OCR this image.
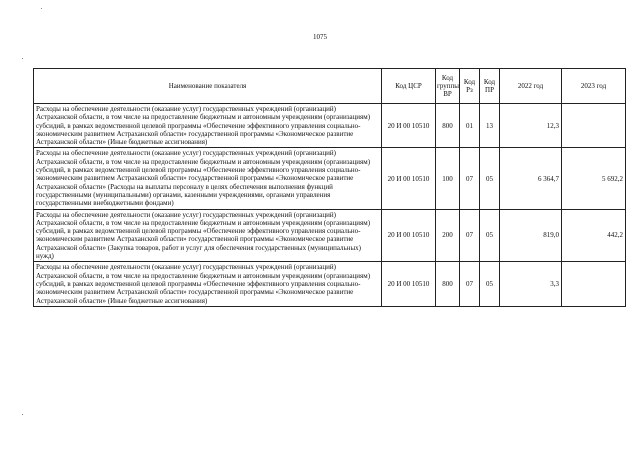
1075
Наименование показателя	Код ЦСР	Код группы ВР	Код Рз	Код ПР	2022 год	2023 год
Расходы на обеспечение деятельности (оказание услуг) государственных учреждений (организаций) Астраханской области, в том числе на предоставление бюджетным и автономным учреждениям (организациям) субсидий, в рамках ведомственной целевой программы «Обеспечение эффективного управления социально-экономическим развитием Астраханской области» государственной программы «Экономическое развитие Астраханской области» (Иные бюджетные ассигнования)	20 И 00 10510	800	01	13	12,3	
Расходы на обеспечение деятельности (оказание услуг) государственных учреждений (организаций) Астраханской области, в том числе на предоставление бюджетным и автономным учреждениям (организациям) субсидий, в рамках ведомственной целевой программы «Обеспечение эффективного управления социально-экономическим развитием Астраханской области» государственной программы «Экономическое развитие Астраханской области» (Расходы на выплаты персоналу в целях обеспечения выполнения функций государственными (муниципальными) органами, казенными учреждениями, органами управления государственными внебюджетными фондами)	20 И 00 10510	100	07	05	6 364,7	5 692,2
Расходы на обеспечение деятельности (оказание услуг) государственных учреждений (организаций) Астраханской области, в том числе на предоставление бюджетным и автономным учреждениям (организациям) субсидий, в рамках ведомственной целевой программы «Обеспечение эффективного управления социально-экономическим развитием Астраханской области» государственной программы «Экономическое развитие Астраханской области» (Закупка товаров, работ и услуг для обеспечения государственных (муниципальных) нужд)	20 И 00 10510	200	07	05	819,0	442,2
Расходы на обеспечение деятельности (оказание услуг) государственных учреждений (организаций) Астраханской области, в том числе на предоставление бюджетным и автономным учреждениям (организациям) субсидий, в рамках ведомственной целевой программы «Обеспечение эффективного управления социально-экономическим развитием Астраханской области» государственной программы «Экономическое развитие Астраханской области» (Иные бюджетные ассигнования)	20 И 00 10510	800	07	05	3,3	
